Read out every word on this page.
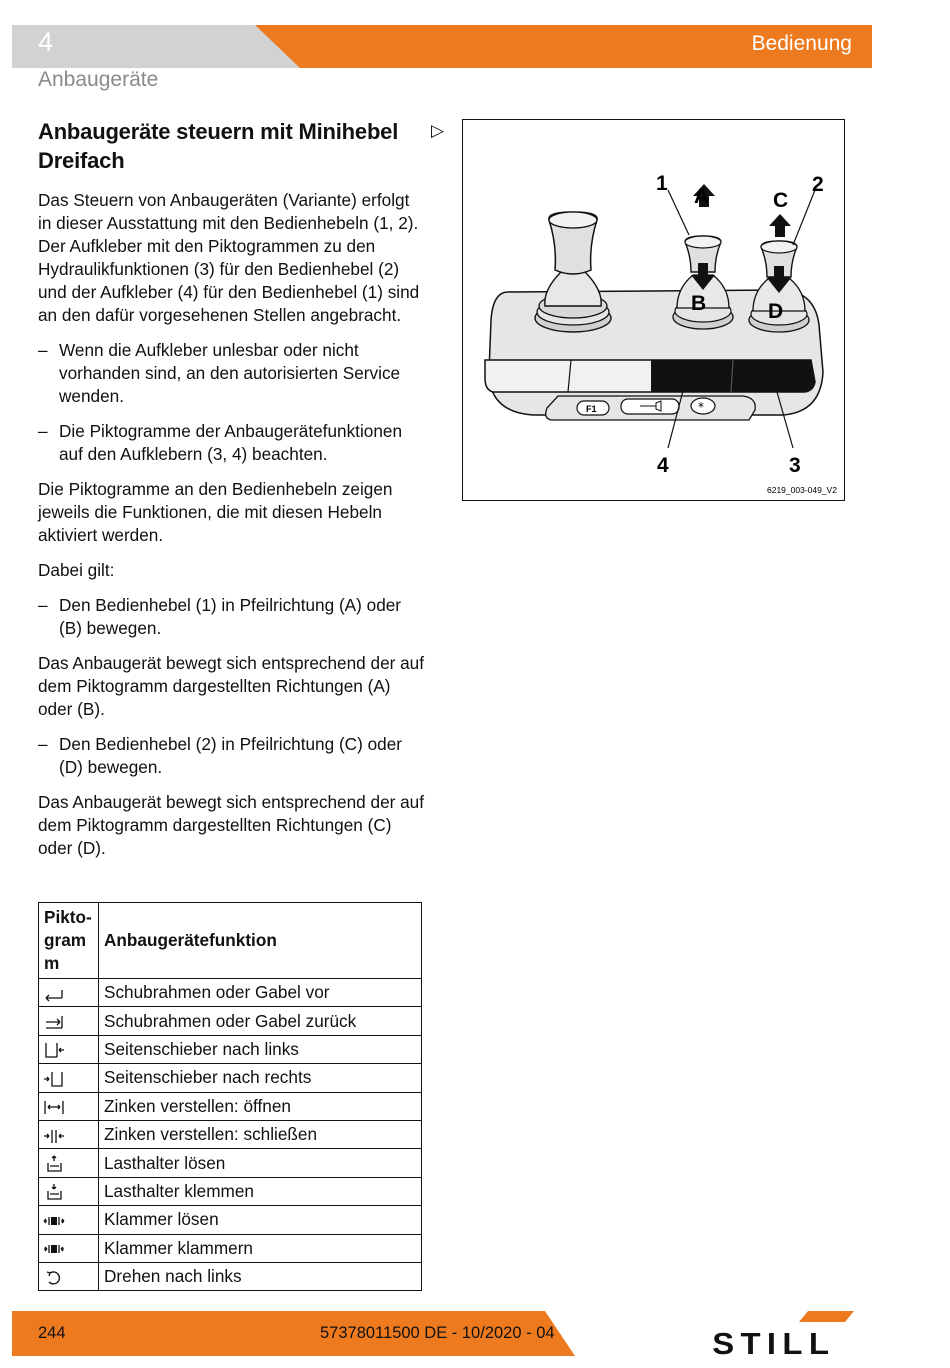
4	Bedienung
Anbaugeräte
Anbaugeräte steuern mit Minihebel Dreifach

Das Steuern von Anbaugeräten (Variante) erfolgt in dieser Ausstattung mit den Bedienhebeln (1, 2). Der Aufkleber mit den Piktogrammen zu den Hydraulikfunktionen (3) für den Bedienhebel (2) und der Aufkleber (4) für den Bedienhebel (1) sind an den dafür vorgesehenen Stellen angebracht.

– Wenn die Aufkleber unlesbar oder nicht vorhanden sind, an den autorisierten Service wenden.
– Die Piktogramme der Anbaugerätefunktionen auf den Aufklebern (3, 4) beachten.

Die Piktogramme an den Bedienhebeln zeigen jeweils die Funktionen, die mit diesen Hebeln aktiviert werden.

Dabei gilt:

– Den Bedienhebel (1) in Pfeilrichtung (A) oder (B) bewegen.

Das Anbaugerät bewegt sich entsprechend der auf dem Piktogramm dargestellten Richtungen (A) oder (B).

– Den Bedienhebel (2) in Pfeilrichtung (C) oder (D) bewegen.

Das Anbaugerät bewegt sich entsprechend der auf dem Piktogramm dargestellten Richtungen (C) oder (D).

▷
Pikto-
gram
m	Anbaugerätefunktion
	Schubrahmen oder Gabel vor
	Schubrahmen oder Gabel zurück
	Seitenschieber nach links
	Seitenschieber nach rechts
	Zinken verstellen: öffnen
	Zinken verstellen: schließen
	Lasthalter lösen
	Lasthalter klemmen
	Klammer lösen
	Klammer klammern
	Drehen nach links
F1	*
A
B
C
D
1	2
4	3
6219_003-049_V2
244	57378011500 DE - 10/2020 - 04	STILL
